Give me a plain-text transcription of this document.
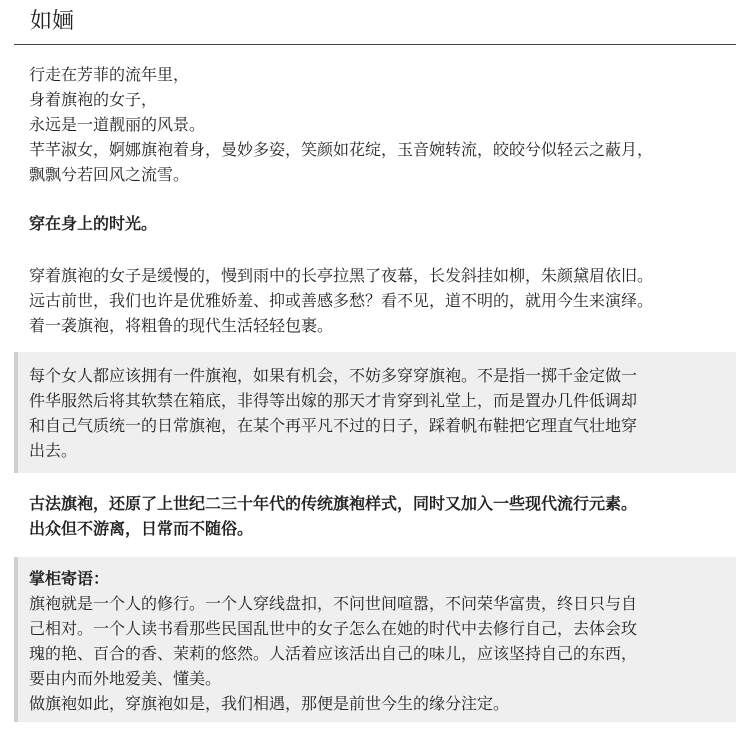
如婳
行走在芳菲的流年里，
身着旗袍的女子，
永远是一道靓丽的风景。
芊芊淑女，婀娜旗袍着身，曼妙多姿，笑颜如花绽，玉音婉转流，皎皎兮似轻云之蔽月，
飘飘兮若回风之流雪。
穿在身上的时光。
穿着旗袍的女子是缓慢的，慢到雨中的长亭拉黑了夜幕，长发斜挂如柳，朱颜黛眉依旧。
远古前世，我们也许是优雅娇羞、抑或善感多愁？看不见，道不明的，就用今生来演绎。
着一袭旗袍，将粗鲁的现代生活轻轻包裹。
每个女人都应该拥有一件旗袍，如果有机会，不妨多穿穿旗袍。不是指一掷千金定做一
件华服然后将其软禁在箱底，非得等出嫁的那天才肯穿到礼堂上，而是置办几件低调却
和自己气质统一的日常旗袍，在某个再平凡不过的日子，踩着帆布鞋把它理直气壮地穿
出去。
古法旗袍，还原了上世纪二三十年代的传统旗袍样式，同时又加入一些现代流行元素。
出众但不游离，日常而不随俗。
掌柜寄语：
旗袍就是一个人的修行。一个人穿线盘扣，不问世间喧嚣，不问荣华富贵，终日只与自
己相对。一个人读书看那些民国乱世中的女子怎么在她的时代中去修行自己，去体会玫
瑰的艳、百合的香、茉莉的悠然。人活着应该活出自己的味儿，应该坚持自己的东西，
要由内而外地爱美、懂美。
做旗袍如此，穿旗袍如是，我们相遇，那便是前世今生的缘分注定。
